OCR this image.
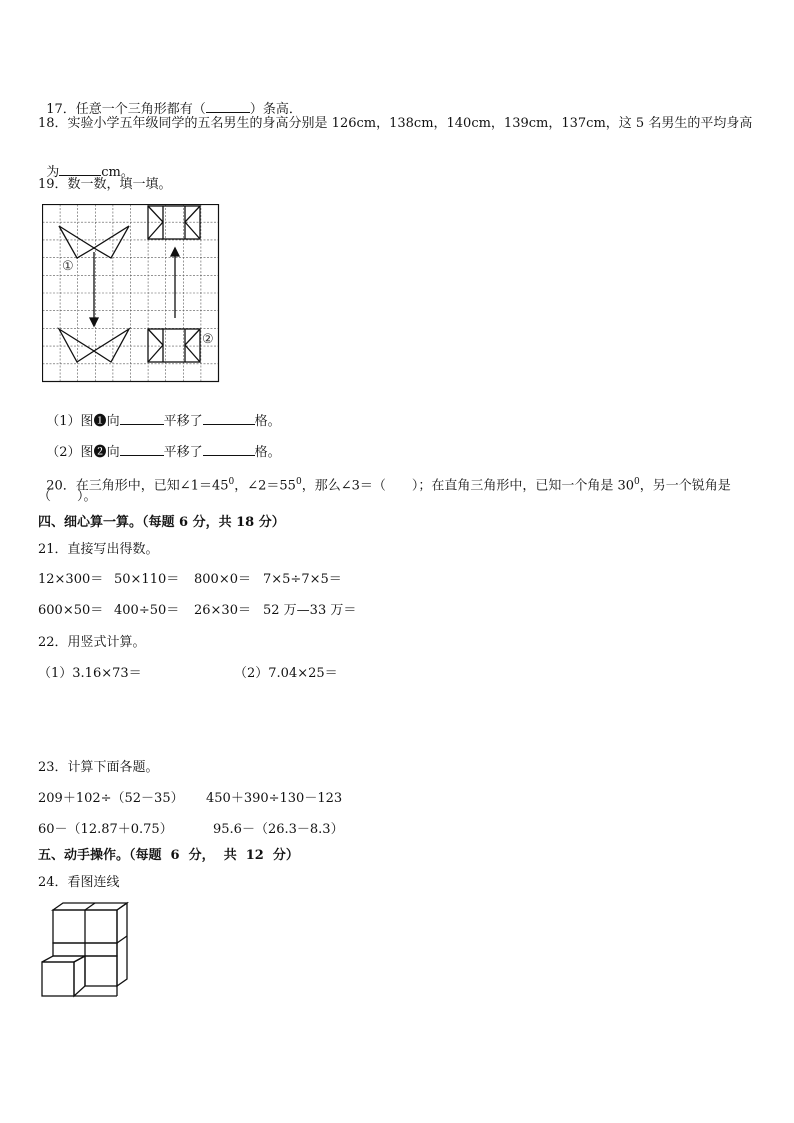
17．任意一个三角形都有（	）条高．

18．实验小学五年级同学的五名男生的身高分别是 126cm，138cm，140cm，139cm，137cm，这 5 名男生的平均身高

为	cm。

19．数一数，填一填。
①
②

（1）图❶向	平移了	格。

（2）图❷向	平移了	格。

20．在三角形中，已知$\angle 1=45^0$，$\angle 2=55^0$，那么∠3＝（　　）；在直角三角形中，已知一个角是 $30^0$，另一个锐角是

（　　）。
四、细心算一算。（每题 6 分，共 18 分）
21．直接写出得数。
12×300＝ 50×110＝ 800×0＝ 7×5÷7×5＝
600×50＝ 400÷50＝ 26×30＝ 52 万—33 万＝
22．用竖式计算。
（1）3.16×73＝	（2）7.04×25＝
23．计算下面各题。
209＋102÷（52－35） 450＋390÷130－123
60－（12.87＋0.75）	95.6－（26.3－8.3）
五、动手操作。（每题  6  分，  共  12  分）
24．看图连线
